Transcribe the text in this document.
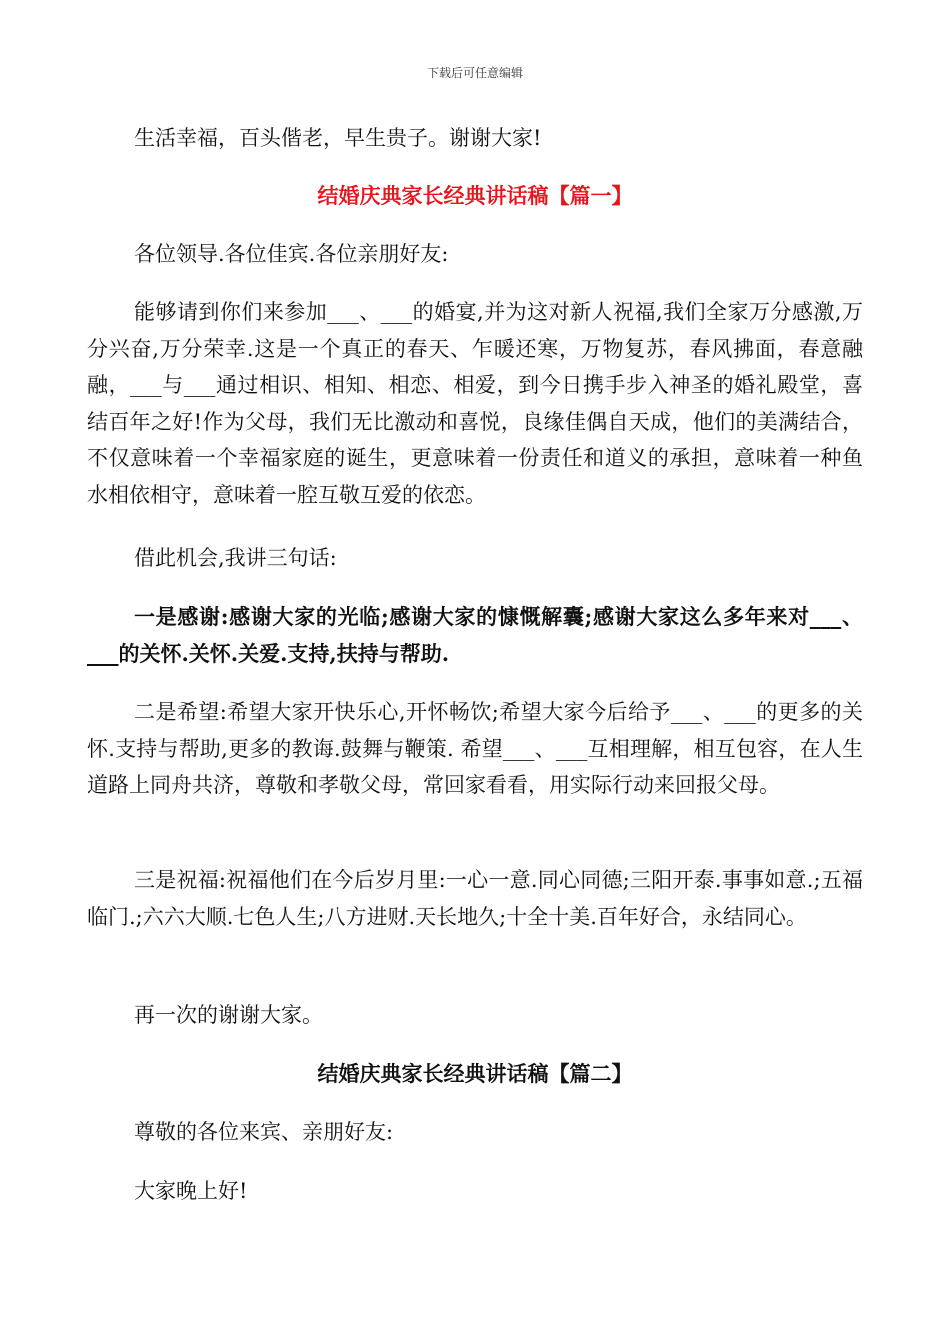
下载后可任意编辑

生活幸福，百头偕老，早生贵子。谢谢大家!

结婚庆典家长经典讲话稿【篇一】

各位领导.各位佳宾.各位亲朋好友:

能够请到你们来参加___、___的婚宴,并为这对新人祝福,我们全家万分感激,万分兴奋,万分荣幸.这是一个真正的春天、乍暖还寒，万物复苏，春风拂面，春意融融，___与___通过相识、相知、相恋、相爱，到今日携手步入神圣的婚礼殿堂，喜结百年之好!作为父母，我们无比激动和喜悦，良缘佳偶自天成，他们的美满结合，不仅意味着一个幸福家庭的诞生，更意味着一份责任和道义的承担，意味着一种鱼水相依相守，意味着一腔互敬互爱的依恋。

借此机会,我讲三句话:

一是感谢:感谢大家的光临;感谢大家的慷慨解囊;感谢大家这么多年来对___、___的关怀.关怀.关爱.支持,扶持与帮助.

二是希望:希望大家开快乐心,开怀畅饮;希望大家今后给予___、___的更多的关怀.支持与帮助,更多的教诲.鼓舞与鞭策. 希望___、___互相理解，相互包容，在人生道路上同舟共济，尊敬和孝敬父母，常回家看看，用实际行动来回报父母。

三是祝福:祝福他们在今后岁月里:一心一意.同心同德;三阳开泰.事事如意.;五福临门.;六六大顺.七色人生;八方进财.天长地久;十全十美.百年好合，永结同心。

再一次的谢谢大家。

结婚庆典家长经典讲话稿【篇二】

尊敬的各位来宾、亲朋好友:

大家晚上好!
